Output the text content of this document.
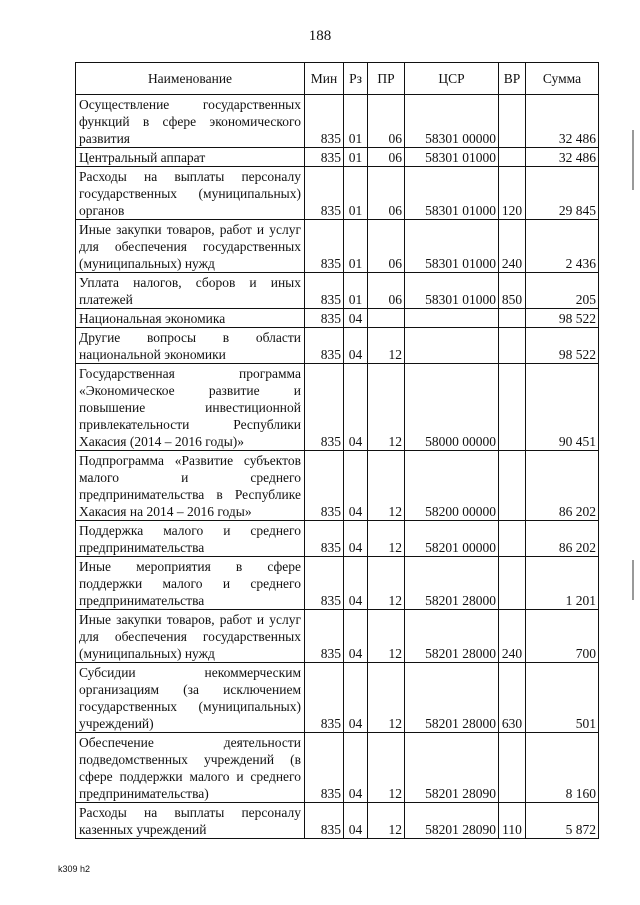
188
Наименование	Мин	Рз	ПР	ЦСР	ВР	Сумма
Осуществление государственных функций в сфере экономического развития	835	01	06	58301 00000		32 486
Центральный аппарат	835	01	06	58301 01000		32 486
Расходы на выплаты персоналу государственных (муниципальных) органов	835	01	06	58301 01000	120	29 845
Иные закупки товаров, работ и услуг для обеспечения государственных (муниципальных) нужд	835	01	06	58301 01000	240	2 436
Уплата налогов, сборов и иных платежей	835	01	06	58301 01000	850	205
Национальная экономика	835	04				98 522
Другие вопросы в области национальной экономики	835	04	12			98 522
Государственная программа «Экономическое развитие и повышение инвестиционной привлекательности Республики Хакасия (2014 – 2016 годы)»	835	04	12	58000 00000		90 451
Подпрограмма «Развитие субъектов малого и среднего предпринимательства в Республике Хакасия на 2014 – 2016 годы»	835	04	12	58200 00000		86 202
Поддержка малого и среднего предпринимательства	835	04	12	58201 00000		86 202
Иные мероприятия в сфере поддержки малого и среднего предпринимательства	835	04	12	58201 28000		1 201
Иные закупки товаров, работ и услуг для обеспечения государственных (муниципальных) нужд	835	04	12	58201 28000	240	700
Субсидии некоммерческим организациям (за исключением государственных (муниципальных) учреждений)	835	04	12	58201 28000	630	501
Обеспечение деятельности подведомственных учреждений (в сфере поддержки малого и среднего предпринимательства)	835	04	12	58201 28090		8 160
Расходы на выплаты персоналу казенных учреждений	835	04	12	58201 28090	110	5 872
k309 h2
